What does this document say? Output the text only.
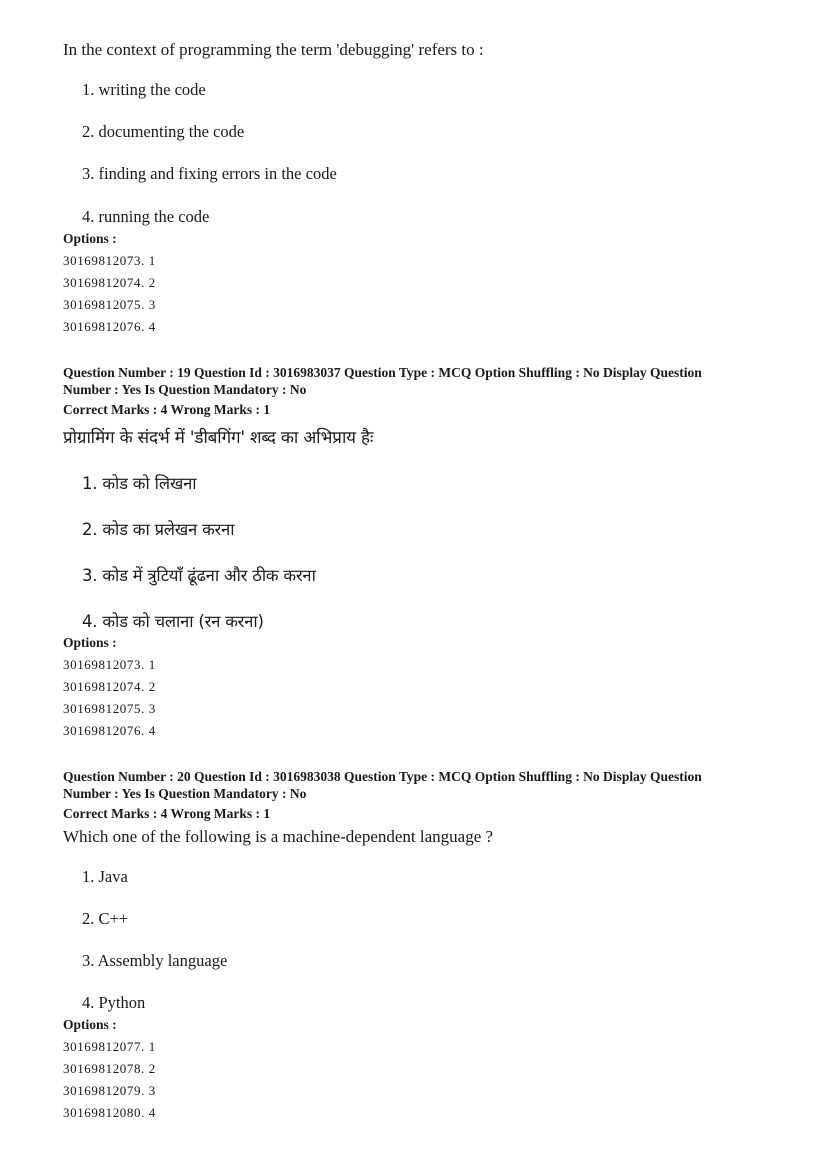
In the context of programming the term 'debugging' refers to :
1. writing the code
2. documenting the code
3. finding and fixing errors in the code
4. running the code
Options :
30169812073. 1
30169812074. 2
30169812075. 3
30169812076. 4
Question Number : 19 Question Id : 3016983037 Question Type : MCQ Option Shuffling : No Display Question
Number : Yes Is Question Mandatory : No
Correct Marks : 4 Wrong Marks : 1
प्रोग्रामिंग के संदर्भ में 'डीबगिंग' शब्द का अभिप्राय हैः
1. कोड को लिखना
2. कोड का प्रलेखन करना
3. कोड में त्रुटियाँ ढूंढना और ठीक करना
4. कोड को चलाना (रन करना)
Options :
30169812073. 1
30169812074. 2
30169812075. 3
30169812076. 4
Question Number : 20 Question Id : 3016983038 Question Type : MCQ Option Shuffling : No Display Question
Number : Yes Is Question Mandatory : No
Correct Marks : 4 Wrong Marks : 1
Which one of the following is a machine-dependent language ?
1. Java
2. C++
3. Assembly language
4. Python
Options :
30169812077. 1
30169812078. 2
30169812079. 3
30169812080. 4
